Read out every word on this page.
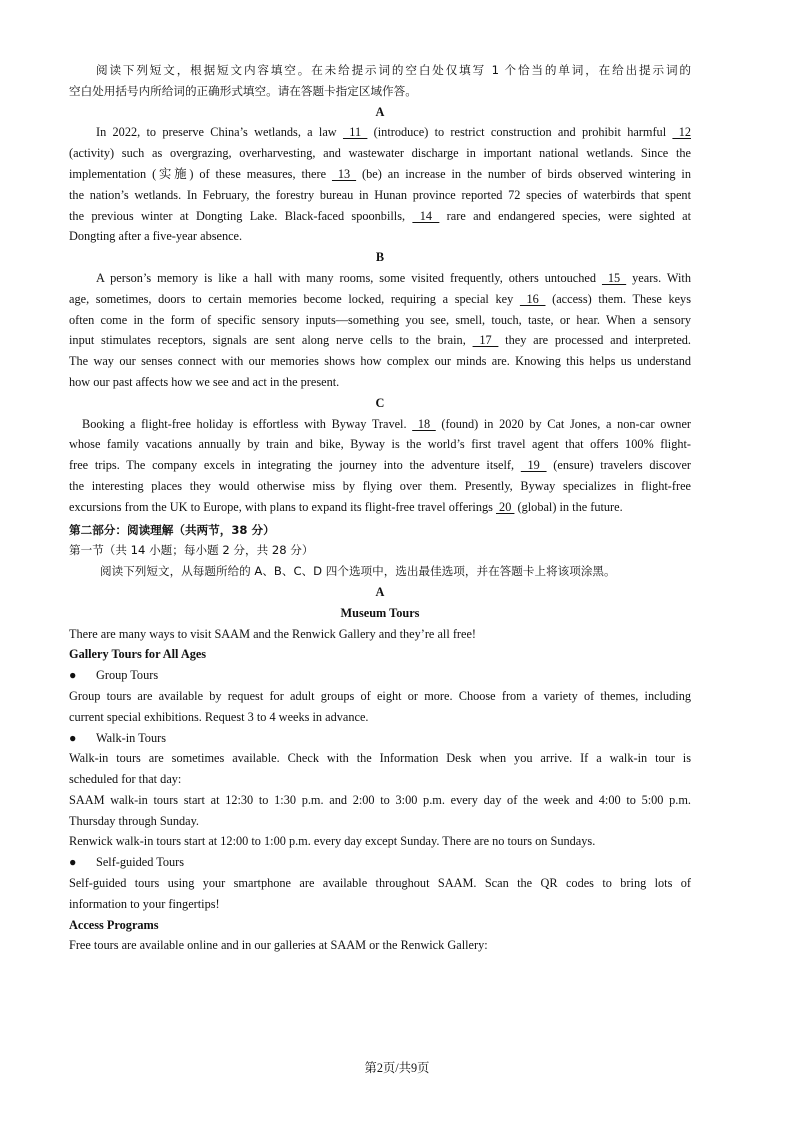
阅读下列短文，根据短文内容填空。在未给提示词的空白处仅填写 1 个恰当的单词，在给出提示词的
空白处用括号内所给词的正确形式填空。请在答题卡指定区域作答。
A
In 2022, to preserve China’s wetlands, a law  11  (introduce) to restrict construction and prohibit harmful  12
(activity) such as overgrazing, overharvesting, and wastewater discharge in important national wetlands. Since the
implementation (实施) of these measures, there  13  (be) an increase in the number of birds observed wintering in
the nation’s wetlands. In February, the forestry bureau in Hunan province reported 72 species of waterbirds that spent
the previous winter at Dongting Lake. Black-faced spoonbills,  14  rare and endangered species, were sighted at
Dongting after a five-year absence.
B
A person’s memory is like a hall with many rooms, some visited frequently, others untouched  15  years. With
age, sometimes, doors to certain memories become locked, requiring a special key  16  (access) them. These keys
often come in the form of specific sensory inputs—something you see, smell, touch, taste, or hear. When a sensory
input stimulates receptors, signals are sent along nerve cells to the brain,  17  they are processed and interpreted.
The way our senses connect with our memories shows how complex our minds are. Knowing this helps us understand
how our past affects how we see and act in the present.
C
Booking a flight-free holiday is effortless with Byway Travel.  18  (found) in 2020 by Cat Jones, a non-car owner
whose family vacations annually by train and bike, Byway is the world’s first travel agent that offers 100% flight-
free trips. The company excels in integrating the journey into the adventure itself,  19  (ensure) travelers discover
the interesting places they would otherwise miss by flying over them. Presently, Byway specializes in flight-free
excursions from the UK to Europe, with plans to expand its flight-free travel offerings  20  (global) in the future.
第二部分：阅读理解（共两节，38 分）
第一节（共 14 小题；每小题 2 分，共 28 分）
阅读下列短文，从每题所给的 A、B、C、D 四个选项中，选出最佳选项，并在答题卡上将该项涂黑。
A
Museum Tours
There are many ways to visit SAAM and the Renwick Gallery and they’re all free!
Gallery Tours for All Ages
● Group Tours
Group tours are available by request for adult groups of eight or more. Choose from a variety of themes, including
current special exhibitions. Request 3 to 4 weeks in advance.
● Walk-in Tours
Walk-in tours are sometimes available. Check with the Information Desk when you arrive. If a walk-in tour is
scheduled for that day:
SAAM walk-in tours start at 12:30 to 1:30 p.m. and 2:00 to 3:00 p.m. every day of the week and 4:00 to 5:00 p.m.
Thursday through Sunday.
Renwick walk-in tours start at 12:00 to 1:00 p.m. every day except Sunday. There are no tours on Sundays.
● Self-guided Tours
Self-guided tours using your smartphone are available throughout SAAM. Scan the QR codes to bring lots of
information to your fingertips!
Access Programs
Free tours are available online and in our galleries at SAAM or the Renwick Gallery:
第2页/共9页
